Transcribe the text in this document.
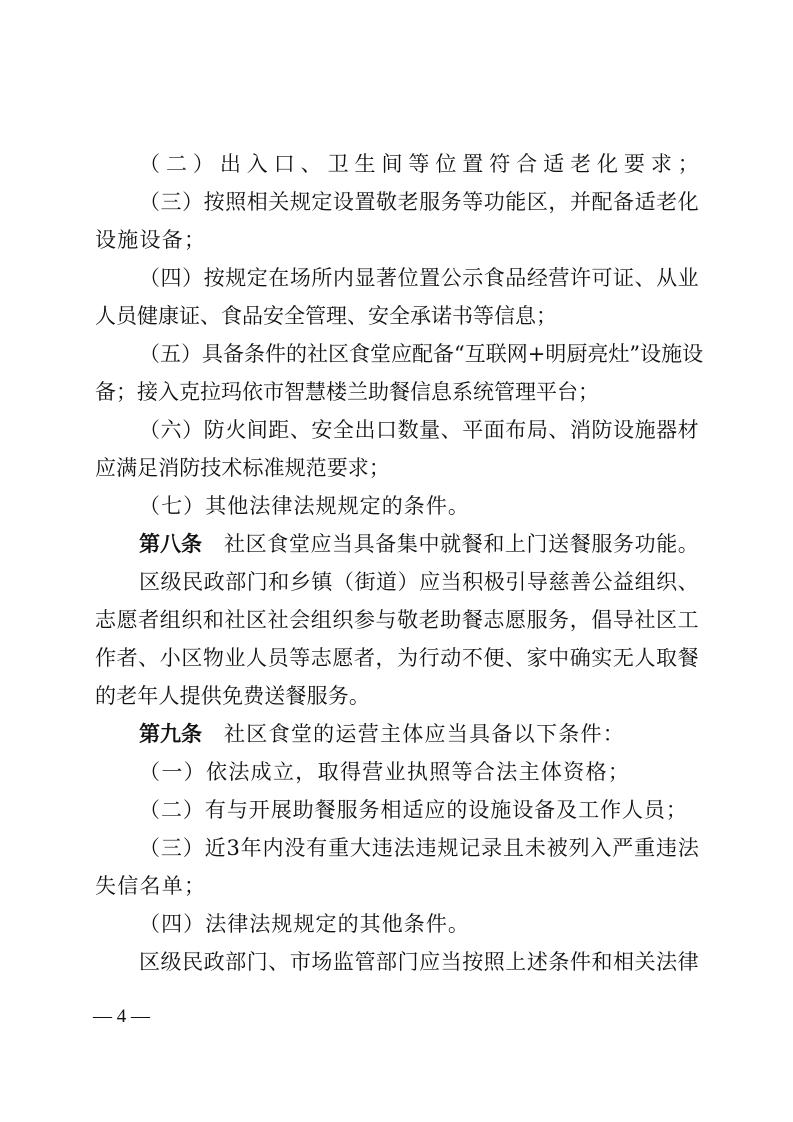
（ 二 ） 出 入 口 、 卫 生 间 等 位 置 符 合 适 老 化 要 求 ；
（ 三 ） 按 照 相 关 规 定 设 置 敬 老 服 务 等 功 能 区 ， 并 配 备 适 老 化
设 施 设 备 ；
（ 四 ） 按 规 定 在 场 所 内 显 著 位 置 公 示 食 品 经 营 许 可 证 、 从 业
人 员 健 康 证 、 食 品 安 全 管 理 、 安 全 承 诺 书 等 信 息 ；
（ 五 ） 具 备 条 件 的 社 区 食 堂 应 配 备 “ 互 联 网 + 明 厨 亮 灶 ” 设 施 设
备 ； 接 入 克 拉 玛 依 市 智 慧 楼 兰 助 餐 信 息 系 统 管 理 平 台 ；
（ 六 ） 防 火 间 距 、 安 全 出 口 数 量 、 平 面 布 局 、 消 防 设 施 器 材
应 满 足 消 防 技 术 标 准 规 范 要 求 ；
（ 七 ） 其 他 法 律 法 规 规 定 的 条 件 。
第八条 社 区 食 堂 应 当 具 备 集 中 就 餐 和 上 门 送 餐 服 务 功 能 。
区 级 民 政 部 门 和 乡 镇 （ 街 道 ） 应 当 积 极 引 导 慈 善 公 益 组 织 、
志 愿 者 组 织 和 社 区 社 会 组 织 参 与 敬 老 助 餐 志 愿 服 务 ， 倡 导 社 区 工
作 者 、 小 区 物 业 人 员 等 志 愿 者 ， 为 行 动 不 便 、 家 中 确 实 无 人 取 餐
的 老 年 人 提 供 免 费 送 餐 服 务 。
第九条 社 区 食 堂 的 运 营 主 体 应 当 具 备 以 下 条 件 ：
（ 一 ） 依 法 成 立 ， 取 得 营 业 执 照 等 合 法 主 体 资 格 ；
（ 二 ） 有 与 开 展 助 餐 服 务 相 适 应 的 设 施 设 备 及 工 作 人 员 ；
（ 三 ） 近 3 年 内 没 有 重 大 违 法 违 规 记 录 且 未 被 列 入 严 重 违 法
失 信 名 单 ；
（ 四 ） 法 律 法 规 规 定 的 其 他 条 件 。
区 级 民 政 部 门 、 市 场 监 管 部 门 应 当 按 照 上 述 条 件 和 相 关 法 律
— 4 —
